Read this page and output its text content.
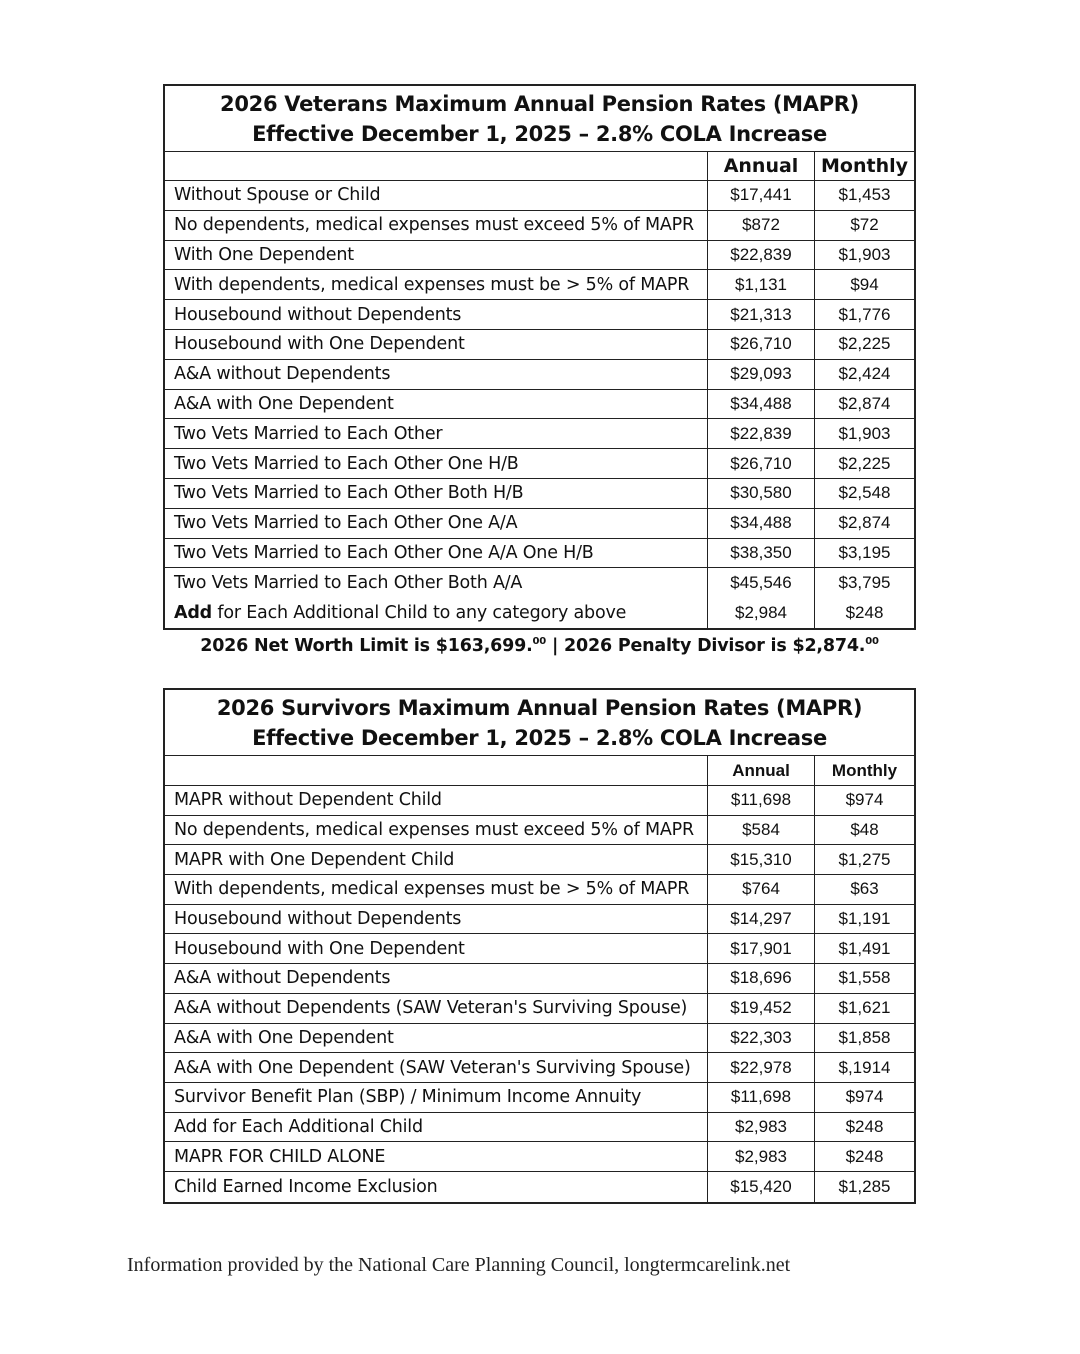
2026 Veterans Maximum Annual Pension Rates (MAPR)
Effective December 1, 2025 – 2.8% COLA Increase
Annual	Monthly
Without Spouse or Child	$17,441	$1,453
No dependents, medical expenses must exceed 5% of MAPR	$872	$72
With One Dependent	$22,839	$1,903
With dependents, medical expenses must be > 5% of MAPR	$1,131	$94
Housebound without Dependents	$21,313	$1,776
Housebound with One Dependent	$26,710	$2,225
A&A without Dependents	$29,093	$2,424
A&A with One Dependent	$34,488	$2,874
Two Vets Married to Each Other	$22,839	$1,903
Two Vets Married to Each Other One H/B	$26,710	$2,225
Two Vets Married to Each Other Both H/B	$30,580	$2,548
Two Vets Married to Each Other One A/A	$34,488	$2,874
Two Vets Married to Each Other One A/A One H/B	$38,350	$3,195
Two Vets Married to Each Other Both A/A	$45,546	$3,795
Add for Each Additional Child to any category above	$2,984	$248
2026 Net Worth Limit is $163,699.00 | 2026 Penalty Divisor is $2,874.00
2026 Survivors Maximum Annual Pension Rates (MAPR)
Effective December 1, 2025 – 2.8% COLA Increase
Annual	Monthly
MAPR without Dependent Child	$11,698	$974
No dependents, medical expenses must exceed 5% of MAPR	$584	$48
MAPR with One Dependent Child	$15,310	$1,275
With dependents, medical expenses must be > 5% of MAPR	$764	$63
Housebound without Dependents	$14,297	$1,191
Housebound with One Dependent	$17,901	$1,491
A&A without Dependents	$18,696	$1,558
A&A without Dependents (SAW Veteran's Surviving Spouse)	$19,452	$1,621
A&A with One Dependent	$22,303	$1,858
A&A with One Dependent (SAW Veteran's Surviving Spouse)	$22,978	$,1914
Survivor Benefit Plan (SBP) / Minimum Income Annuity	$11,698	$974
Add for Each Additional Child	$2,983	$248
MAPR FOR CHILD ALONE	$2,983	$248
Child Earned Income Exclusion	$15,420	$1,285
Information provided by the National Care Planning Council, longtermcarelink.net
